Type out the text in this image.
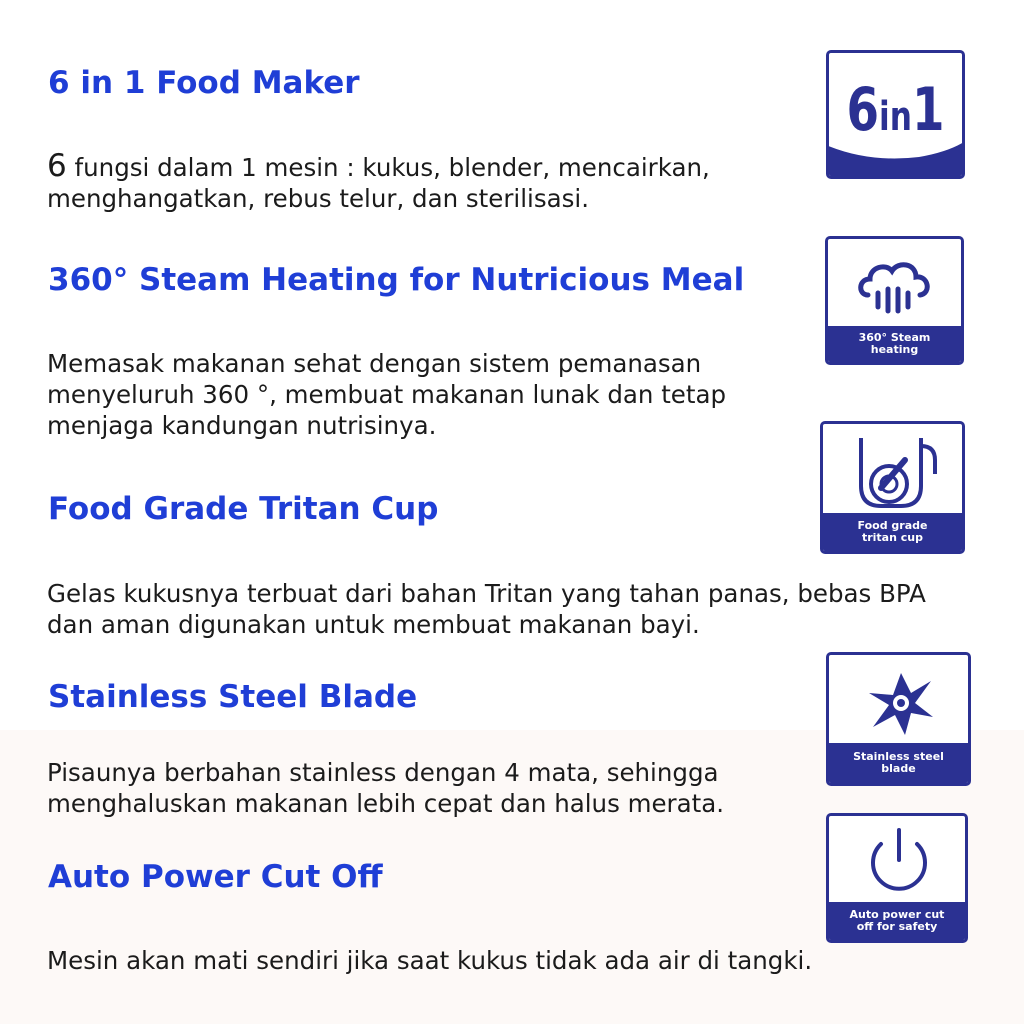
6 in 1 Food Maker

6 fungsi dalam 1 mesin : kukus, blender, mencairkan, menghangatkan, rebus telur, dan sterilisasi.

360° Steam Heating for Nutricious Meal

Memasak makanan sehat dengan sistem pemanasan menyeluruh 360 °, membuat makanan lunak dan tetap menjaga kandungan nutrisinya.

Food Grade Tritan Cup

Gelas kukusnya terbuat dari bahan Tritan yang tahan panas, bebas BPA dan aman digunakan untuk membuat makanan bayi.

Stainless Steel Blade

Pisaunya berbahan stainless dengan 4 mata, sehingga menghaluskan makanan lebih cepat dan halus merata.

Auto Power Cut Off

Mesin akan mati sendiri jika saat kukus tidak ada air di tangki.

6in1
360° Steam
heating
Food grade
tritan cup
Stainless steel
blade
Auto power cut
off for safety
